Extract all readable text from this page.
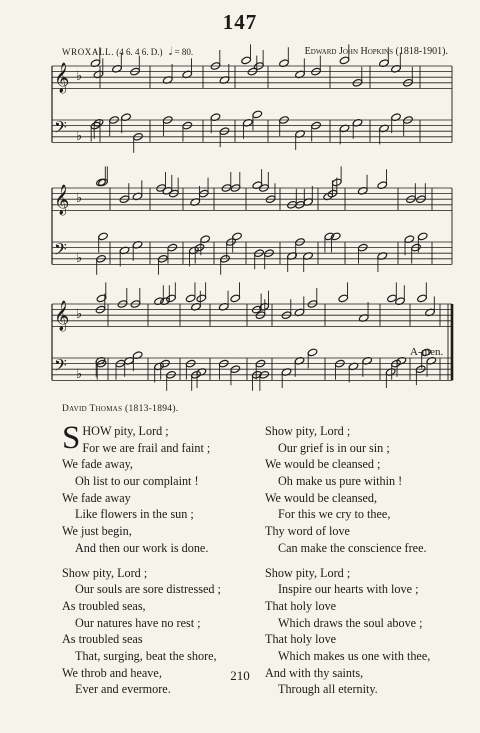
147
WROXALL. (4 6. 4 6. D.) 𝅗𝅥 = 80.	Edward John Hopkins (1818-1901).
𝄞 ♭
𝄢 ♭
𝄞 ♭
𝄢 ♭
𝄞 ♭
𝄢 ♭
A-men.
David Thomas (1813-1894).
S HOW pity, Lord ;
For we are frail and faint ;
We fade away,
Oh list to our complaint !
We fade away
Like flowers in the sun ;
We just begin,
And then our work is done.
Show pity, Lord ;
Our souls are sore distressed ;
As troubled seas,
Our natures have no rest ;
As troubled seas
That, surging, beat the shore,
We throb and heave,
Ever and evermore.
Show pity, Lord ;
Our grief is in our sin ;
We would be cleansed ;
Oh make us pure within !
We would be cleansed,
For this we cry to thee,
Thy word of love
Can make the conscience free.
Show pity, Lord ;
Inspire our hearts with love ;
That holy love
Which draws the soul above ;
That holy love
Which makes us one with thee,
And with thy saints,
Through all eternity.
210
